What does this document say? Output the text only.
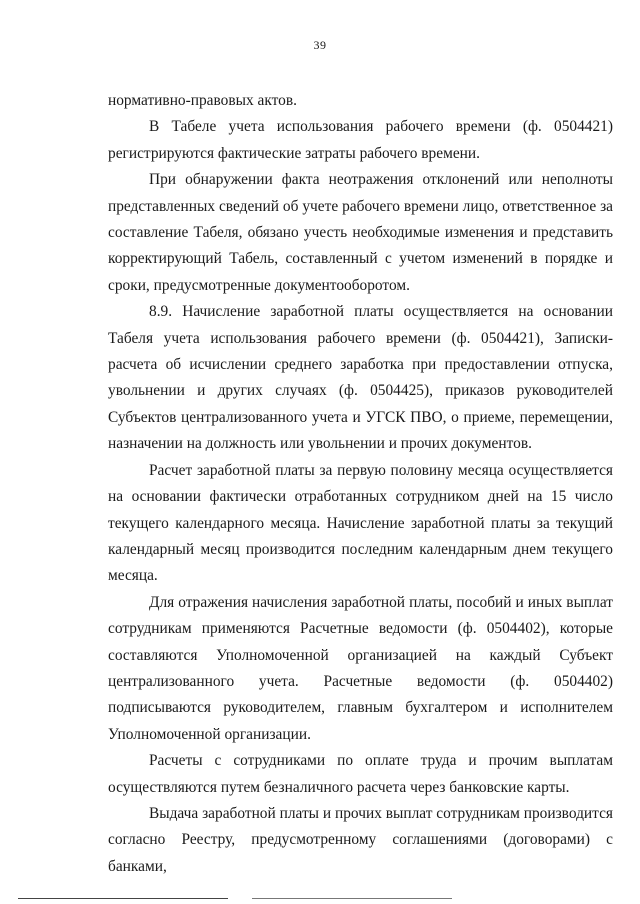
39

нормативно-правовых актов.

В Табеле учета использования рабочего времени (ф. 0504421) регистрируются фактические затраты рабочего времени.

При обнаружении факта неотражения отклонений или неполноты представленных сведений об учете рабочего времени лицо, ответственное за составление Табеля, обязано учесть необходимые изменения и представить корректирующий Табель, составленный с учетом изменений в порядке и сроки, предусмотренные документооборотом.

8.9. Начисление заработной платы осуществляется на основании Табеля учета использования рабочего времени (ф. 0504421), Записки-расчета об исчислении среднего заработка при предоставлении отпуска, увольнении и других случаях (ф. 0504425), приказов руководителей Субъектов централизованного учета и УГСК ПВО, о приеме, перемещении, назначении на должность или увольнении и прочих документов.

Расчет заработной платы за первую половину месяца осуществляется на основании фактически отработанных сотрудником дней на 15 число текущего календарного месяца. Начисление заработной платы за текущий календарный месяц производится последним календарным днем текущего месяца.

Для отражения начисления заработной платы, пособий и иных выплат сотрудникам применяются Расчетные ведомости (ф. 0504402), которые составляются Уполномоченной организацией на каждый Субъект централизованного учета. Расчетные ведомости (ф. 0504402) подписываются руководителем, главным бухгалтером и исполнителем Уполномоченной организации.

Расчеты с сотрудниками по оплате труда и прочим выплатам осуществляются путем безналичного расчета через банковские карты.

Выдача заработной платы и прочих выплат сотрудникам производится согласно Реестру, предусмотренному соглашениями (договорами) с банками,
